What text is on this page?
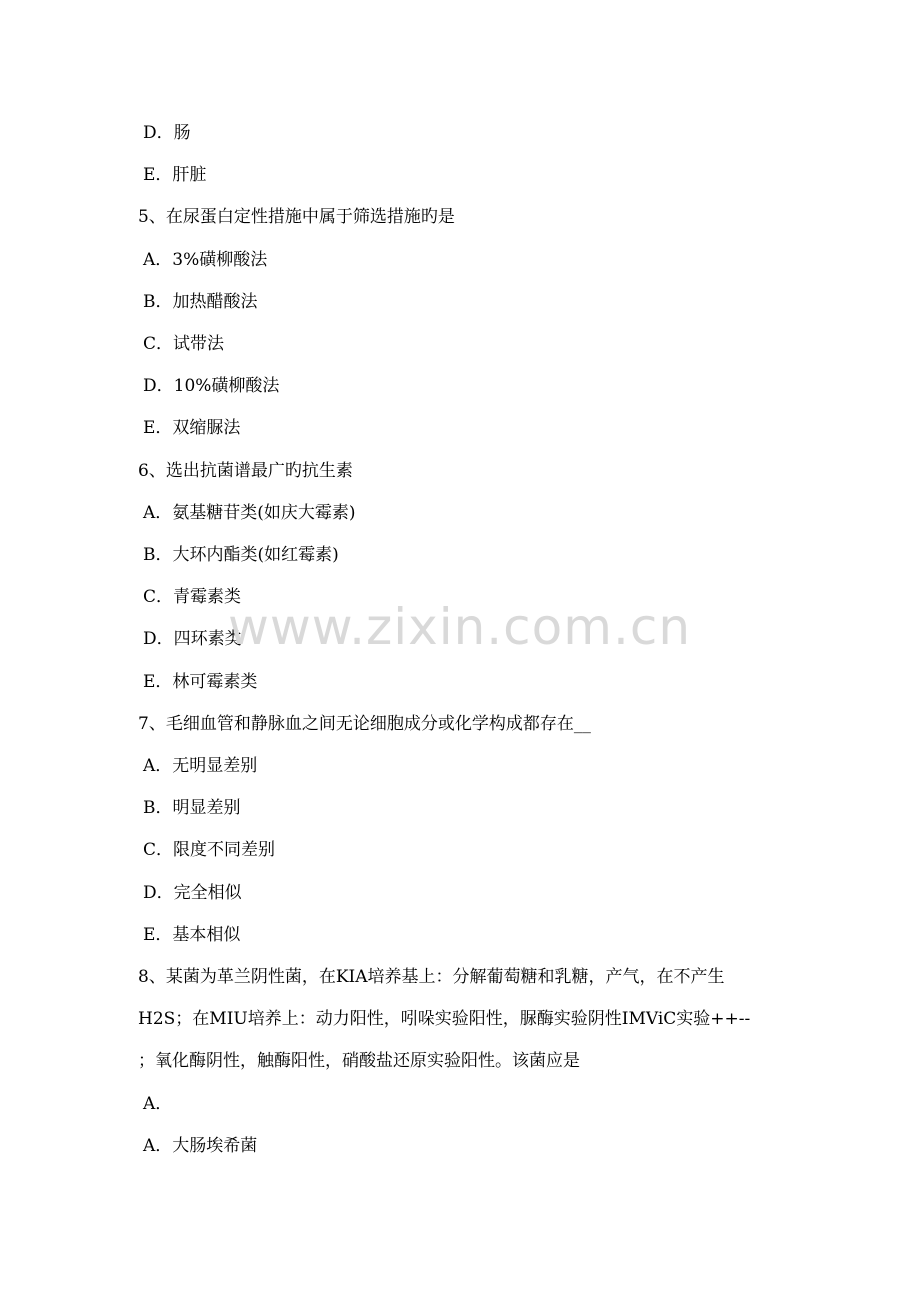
D．肠
E．肝脏
5、在尿蛋白定性措施中属于筛选措施旳是
A．3%磺柳酸法
B．加热醋酸法
C．试带法
D．10%磺柳酸法
E．双缩脲法
6、选出抗菌谱最广旳抗生素
A．氨基糖苷类(如庆大霉素)
B．大环内酯类(如红霉素)
C．青霉素类
D．四环素类
E．林可霉素类
7、毛细血管和静脉血之间无论细胞成分或化学构成都存在__
A．无明显差别
B．明显差别
C．限度不同差别
D．完全相似
E．基本相似
8、某菌为革兰阴性菌，在KIA培养基上：分解葡萄糖和乳糖，产气，在不产生
H2S；在MIU培养上：动力阳性，吲哚实验阳性，脲酶实验阴性IMViC实验++--
；氧化酶阴性，触酶阳性，硝酸盐还原实验阳性。该菌应是
A．
A．大肠埃希菌
www.zixin.com.cn
